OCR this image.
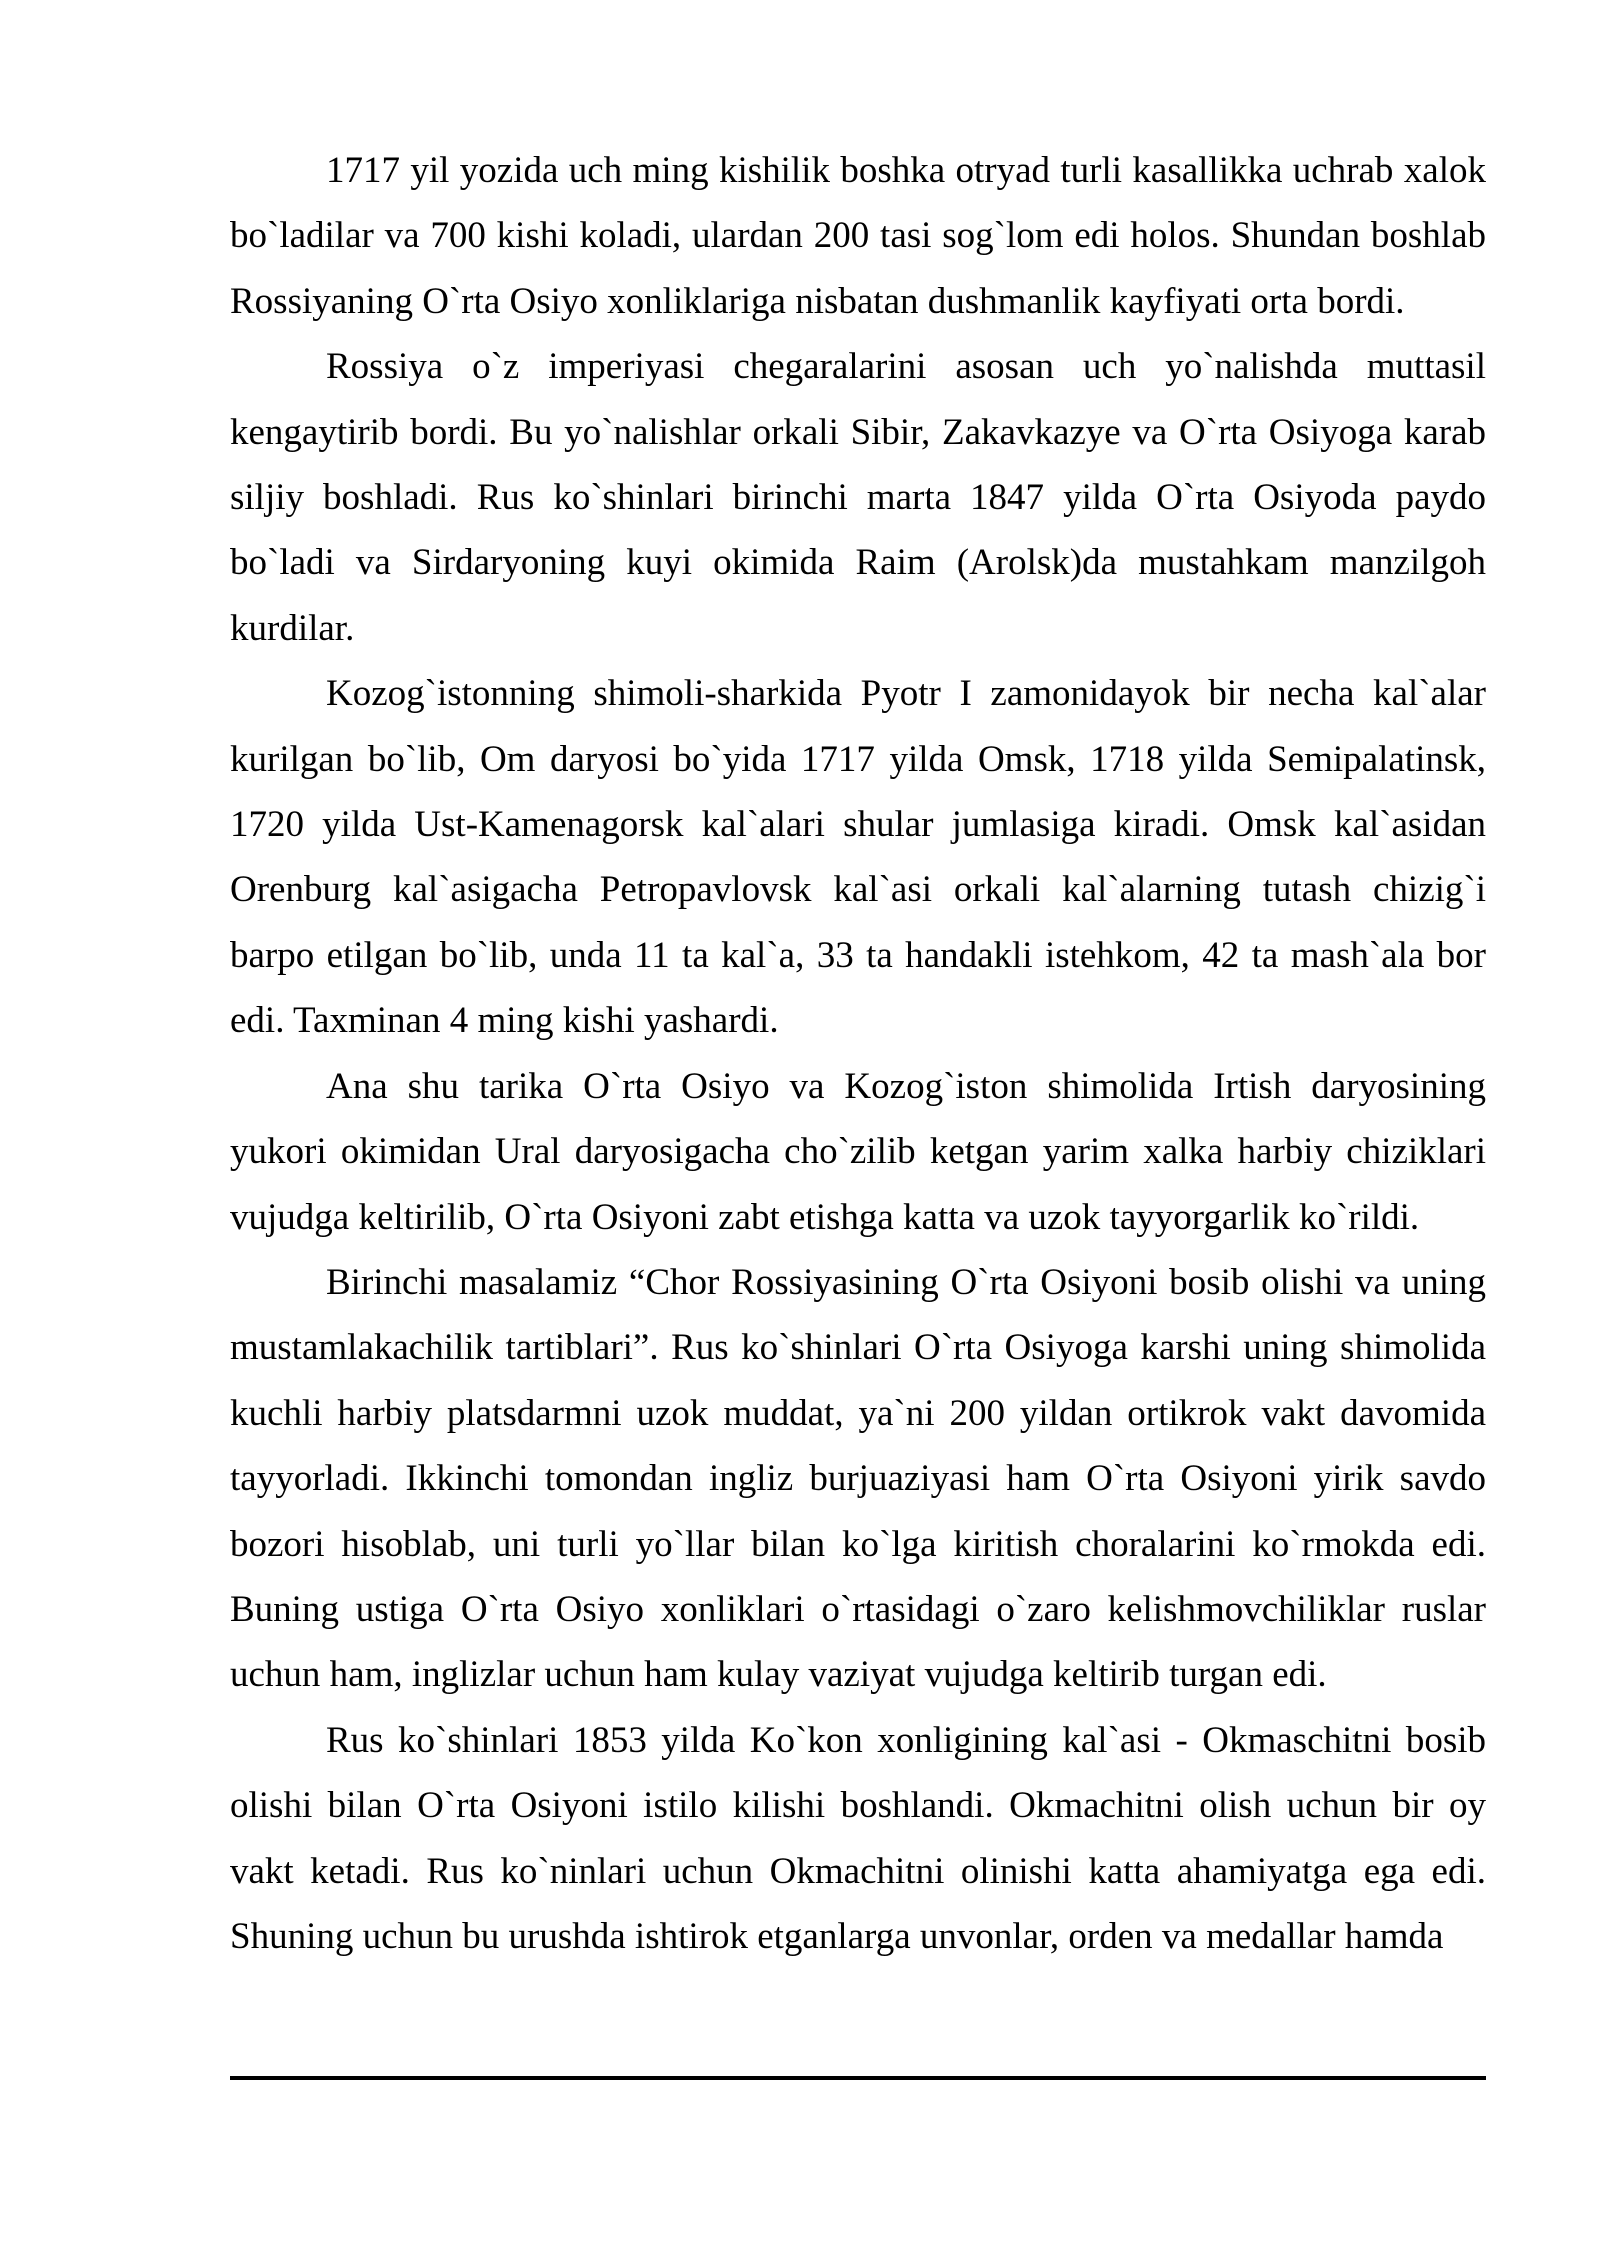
1717 yil yozida uch ming kishilik boshka otryad turli kasallikka uchrab xalok bo`ladilar va 700 kishi koladi, ulardan 200 tasi sog`lom edi holos. Shundan boshlab Rossiyaning O`rta Osiyo xonliklariga nisbatan dushmanlik kayfiyati orta bordi.

Rossiya o`z imperiyasi chegaralarini asosan uch yo`nalishda muttasil kengaytirib bordi. Bu yo`nalishlar orkali Sibir, Zakavkazye va O`rta Osiyoga karab siljiy boshladi. Rus ko`shinlari birinchi marta 1847 yilda O`rta Osiyoda paydo bo`ladi va Sirdaryoning kuyi okimida Raim (Arolsk)da mustahkam manzilgoh kurdilar.

Kozog`istonning shimoli-sharkida Pyotr I zamonidayok bir necha kal`alar kurilgan bo`lib, Om daryosi bo`yida 1717 yilda Omsk, 1718 yilda Semipalatinsk, 1720 yilda Ust-Kamenagorsk kal`alari shular jumlasiga kiradi. Omsk kal`asidan Orenburg kal`asigacha Petropavlovsk kal`asi orkali kal`alarning tutash chizig`i barpo etilgan bo`lib, unda 11 ta kal`a, 33 ta handakli istehkom, 42 ta mash`ala bor edi. Taxminan 4 ming kishi yashardi.

Ana shu tarika O`rta Osiyo va Kozog`iston shimolida Irtish daryosining yukori okimidan Ural daryosigacha cho`zilib ketgan yarim xalka harbiy chiziklari vujudga keltirilib, O`rta Osiyoni zabt etishga katta va uzok tayyorgarlik ko`rildi.

Birinchi masalamiz “Chor Rossiyasining O`rta Osiyoni bosib olishi va uning mustamlakachilik tartiblari”. Rus ko`shinlari O`rta Osiyoga karshi uning shimolida kuchli harbiy platsdarmni uzok muddat, ya`ni 200 yildan ortikrok vakt davomida tayyorladi. Ikkinchi tomondan ingliz burjuaziyasi ham O`rta Osiyoni yirik savdo bozori hisoblab, uni turli yo`llar bilan ko`lga kiritish choralarini ko`rmokda edi. Buning ustiga O`rta Osiyo xonliklari o`rtasidagi o`zaro kelishmovchiliklar ruslar uchun ham, inglizlar uchun ham kulay vaziyat vujudga keltirib turgan edi.

Rus ko`shinlari 1853 yilda Ko`kon xonligining kal`asi - Okmaschitni bosib olishi bilan O`rta Osiyoni istilo kilishi boshlandi. Okmachitni olish uchun bir oy vakt ketadi. Rus ko`ninlari uchun Okmachitni olinishi katta ahamiyatga ega edi. Shuning uchun bu urushda ishtirok etganlarga unvonlar, orden va medallar hamda
